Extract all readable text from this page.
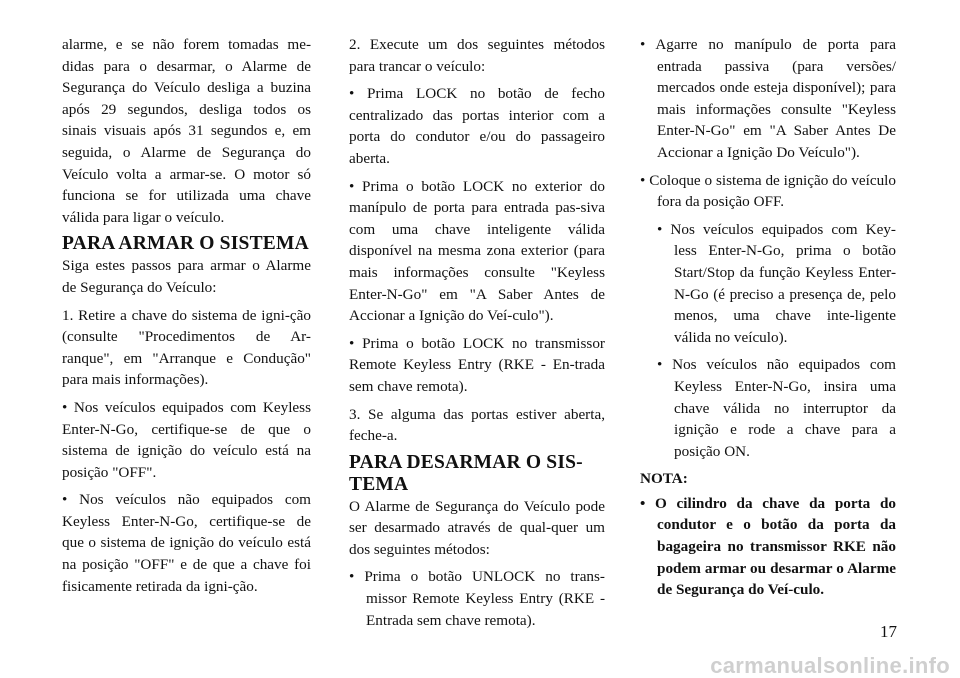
alarme, e se não forem tomadas me-didas para o desarmar, o Alarme de Segurança do Veículo desliga a buzina após 29 segundos, desliga todos os sinais visuais após 31 segundos e, em seguida, o Alarme de Segurança do Veículo volta a armar-se. O motor só funciona se for utilizada uma chave válida para ligar o veículo.

PARA ARMAR O SISTEMA

Siga estes passos para armar o Alarme de Segurança do Veículo:

1. Retire a chave do sistema de igni-ção (consulte "Procedimentos de Ar-ranque", em "Arranque e Condução" para mais informações).

• Nos veículos equipados com Keyless Enter-N-Go, certifique-se de que o sistema de ignição do veículo está na posição "OFF".

• Nos veículos não equipados com Keyless Enter-N-Go, certifique-se de que o sistema de ignição do veículo está na posição "OFF" e de que a chave foi fisicamente retirada da igni-ção.

2. Execute um dos seguintes métodos para trancar o veículo:

• Prima LOCK no botão de fecho centralizado das portas interior com a porta do condutor e/ou do passageiro aberta.

• Prima o botão LOCK no exterior do manípulo de porta para entrada pas-siva com uma chave inteligente válida disponível na mesma zona exterior (para mais informações consulte "Keyless Enter-N-Go" em "A Saber Antes de Accionar a Ignição do Veí-culo").

• Prima o botão LOCK no transmissor Remote Keyless Entry (RKE - En-trada sem chave remota).

3. Se alguma das portas estiver aberta, feche-a.

PARA DESARMAR O SIS-TEMA

O Alarme de Segurança do Veículo pode ser desarmado através de qual-quer um dos seguintes métodos:

• Prima o botão UNLOCK no trans-missor Remote Keyless Entry (RKE - Entrada sem chave remota).

• Agarre no manípulo de porta para entrada passiva (para versões/ mercados onde esteja disponível); para mais informações consulte "Keyless Enter-N-Go" em "A Saber Antes De Accionar a Ignição Do Veículo").

• Coloque o sistema de ignição do veículo fora da posição OFF.

• Nos veículos equipados com Key-less Enter-N-Go, prima o botão Start/Stop da função Keyless Enter-N-Go (é preciso a presença de, pelo menos, uma chave inte-ligente válida no veículo).

• Nos veículos não equipados com Keyless Enter-N-Go, insira uma chave válida no interruptor da ignição e rode a chave para a posição ON.

NOTA:

• O cilindro da chave da porta do condutor e o botão da porta da bagageira no transmissor RKE não podem armar ou desarmar o Alarme de Segurança do Veí-culo.

17
carmanualsonline.info
